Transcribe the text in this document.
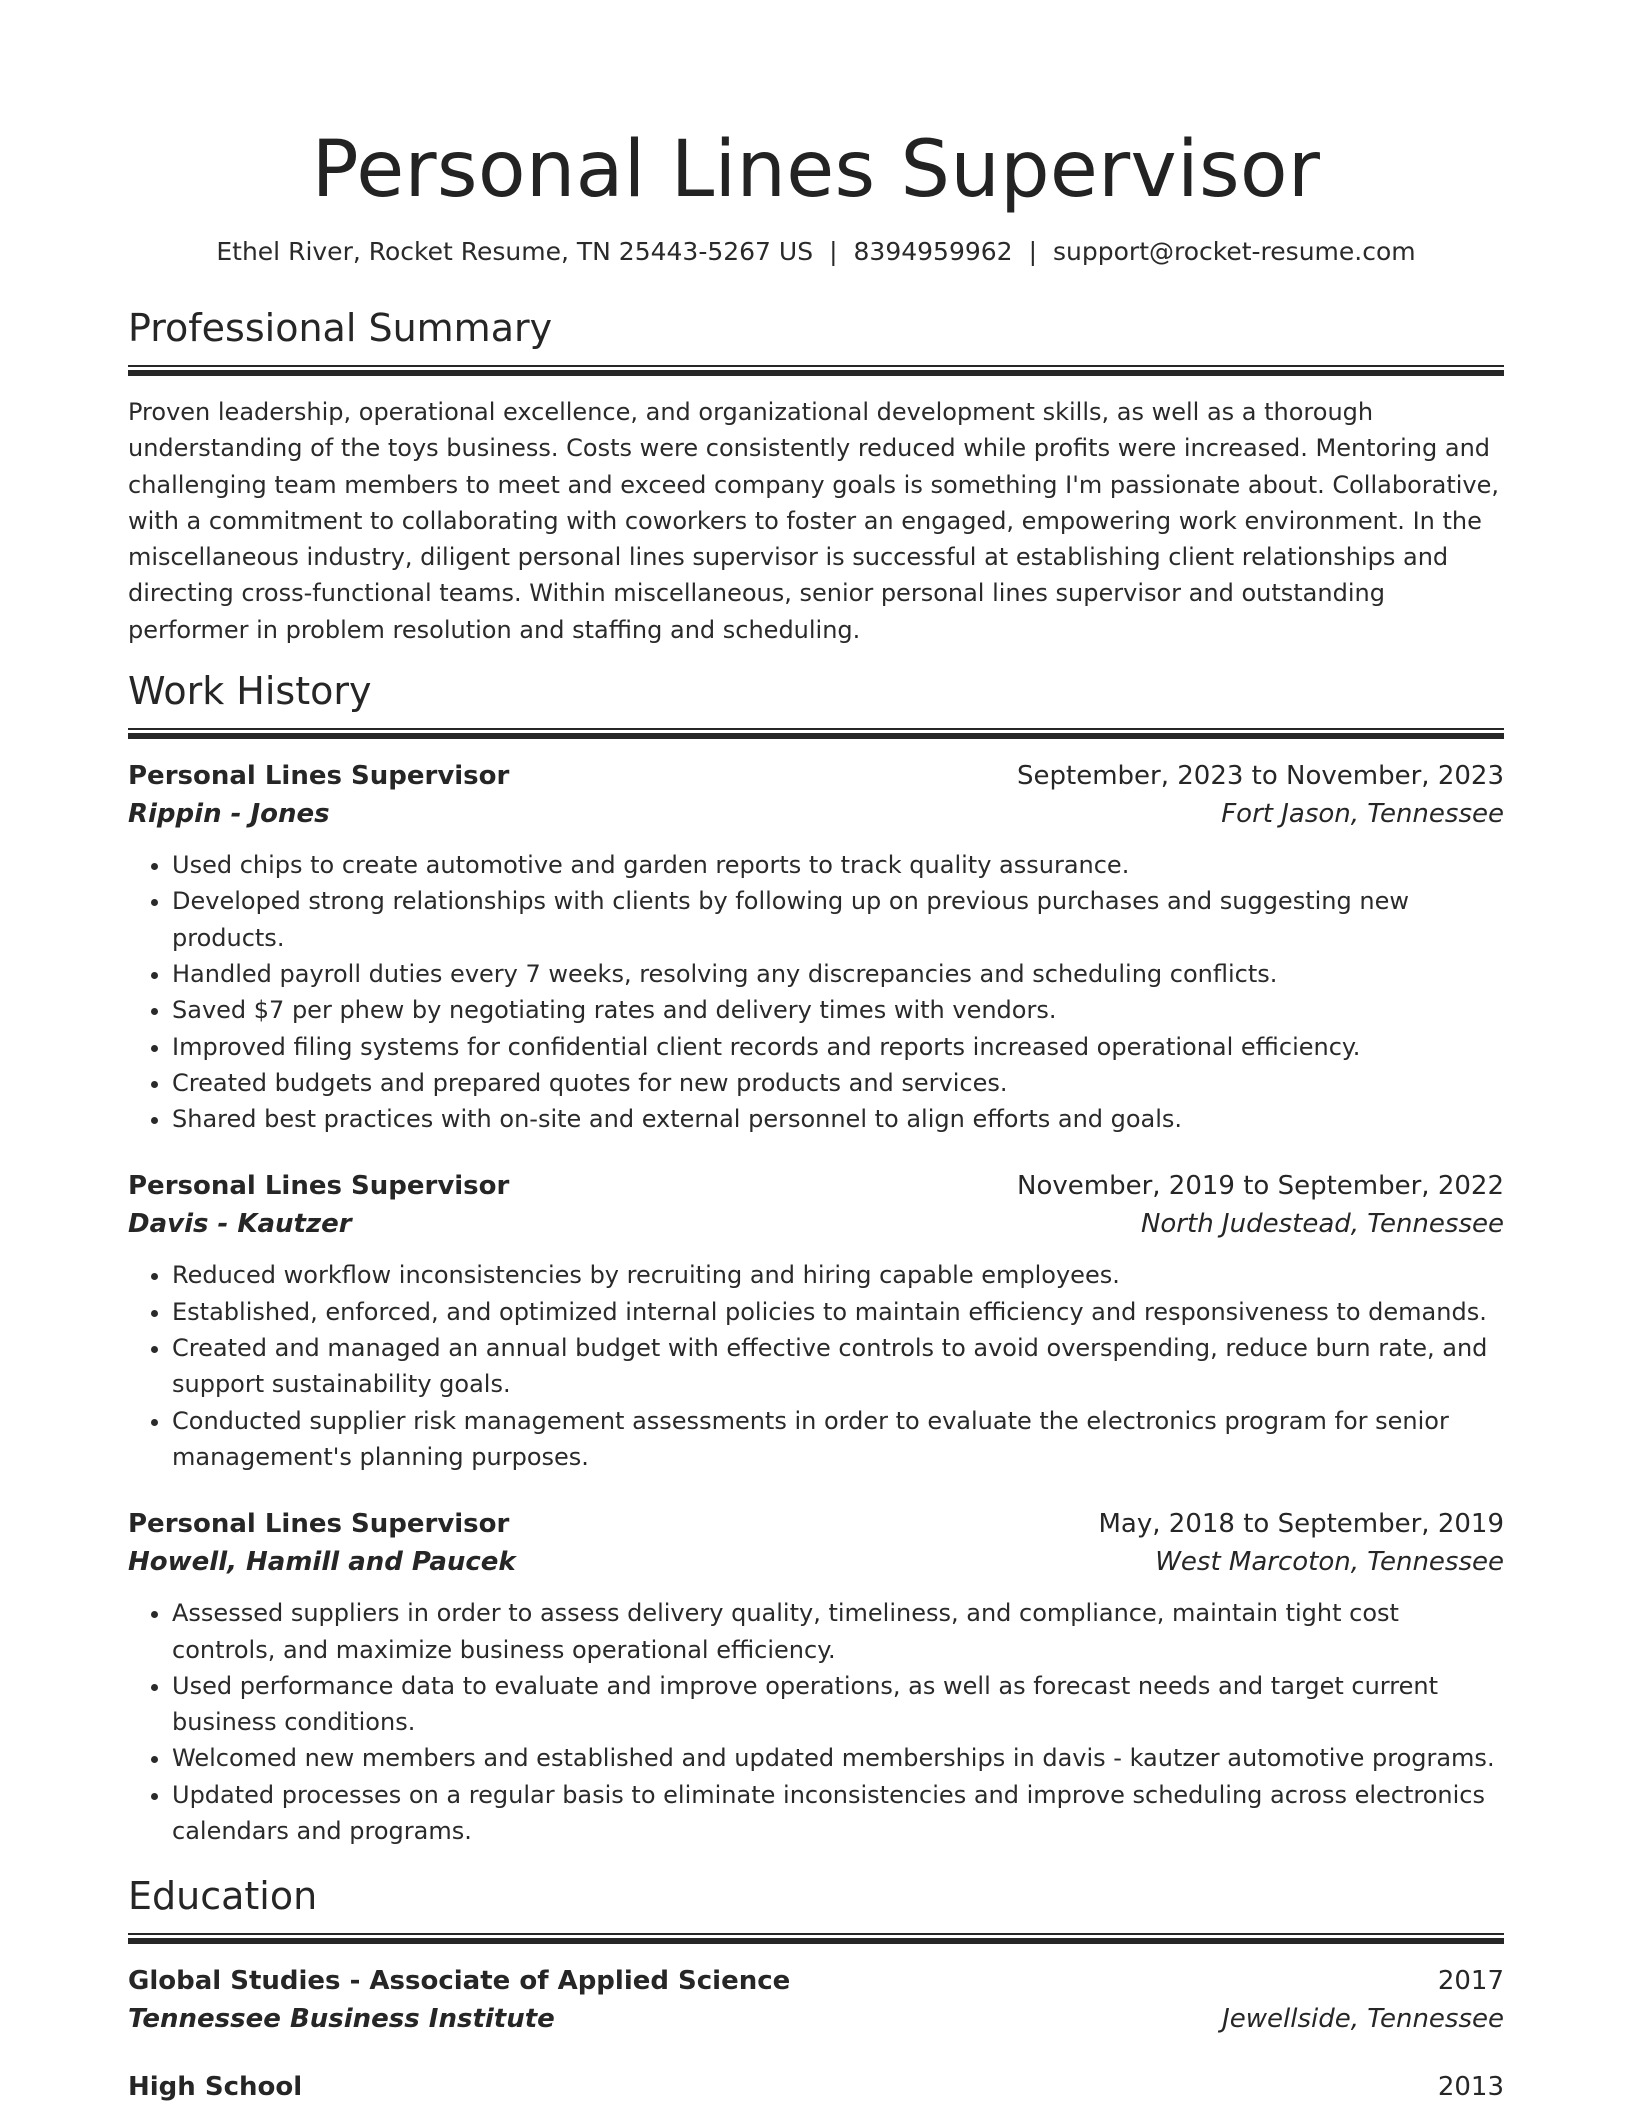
Personal Lines Supervisor
Ethel River, Rocket Resume, TN 25443-5267 US | 8394959962 | support@rocket-resume.com
Professional Summary

Proven leadership, operational excellence, and organizational development skills, as well as a thorough understanding of the toys business. Costs were consistently reduced while profits were increased. Mentoring and challenging team members to meet and exceed company goals is something I'm passionate about. Collaborative, with a commitment to collaborating with coworkers to foster an engaged, empowering work environment. In the miscellaneous industry, diligent personal lines supervisor is successful at establishing client relationships and directing cross-functional teams. Within miscellaneous, senior personal lines supervisor and outstanding performer in problem resolution and staffing and scheduling.

Work History
Personal Lines Supervisor	September, 2023 to November, 2023
Rippin - Jones	Fort Jason, Tennessee
• Used chips to create automotive and garden reports to track quality assurance.
• Developed strong relationships with clients by following up on previous purchases and suggesting new products.
• Handled payroll duties every 7 weeks, resolving any discrepancies and scheduling conflicts.
• Saved $7 per phew by negotiating rates and delivery times with vendors.
• Improved filing systems for confidential client records and reports increased operational efficiency.
• Created budgets and prepared quotes for new products and services.
• Shared best practices with on-site and external personnel to align efforts and goals.
Personal Lines Supervisor	November, 2019 to September, 2022
Davis - Kautzer	North Judestead, Tennessee
• Reduced workflow inconsistencies by recruiting and hiring capable employees.
• Established, enforced, and optimized internal policies to maintain efficiency and responsiveness to demands.
• Created and managed an annual budget with effective controls to avoid overspending, reduce burn rate, and support sustainability goals.
• Conducted supplier risk management assessments in order to evaluate the electronics program for senior management's planning purposes.
Personal Lines Supervisor	May, 2018 to September, 2019
Howell, Hamill and Paucek	West Marcoton, Tennessee
• Assessed suppliers in order to assess delivery quality, timeliness, and compliance, maintain tight cost controls, and maximize business operational efficiency.
• Used performance data to evaluate and improve operations, as well as forecast needs and target current business conditions.
• Welcomed new members and established and updated memberships in davis - kautzer automotive programs.
• Updated processes on a regular basis to eliminate inconsistencies and improve scheduling across electronics calendars and programs.
Education
Global Studies - Associate of Applied Science	2017
Tennessee Business Institute	Jewellside, Tennessee
High School	2013
